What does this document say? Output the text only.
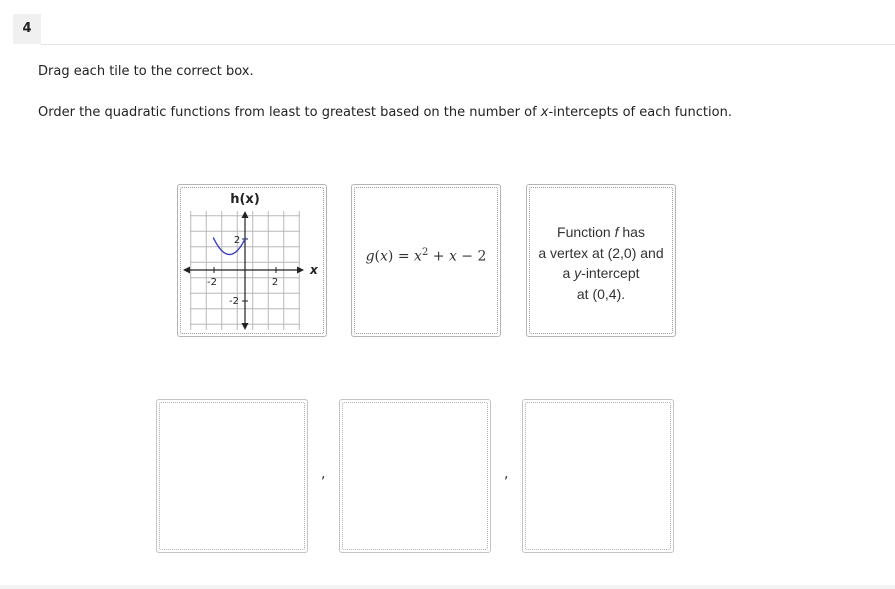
4
Drag each tile to the correct box.
Order the quadratic functions from least to greatest based on the number of x-intercepts of each function.
h(x)
x
-2	2
2
-2
$g(x) = x^2 + x - 2$
Function f has
a vertex at (2,0) and
a y-intercept
at (0,4).
,	,
